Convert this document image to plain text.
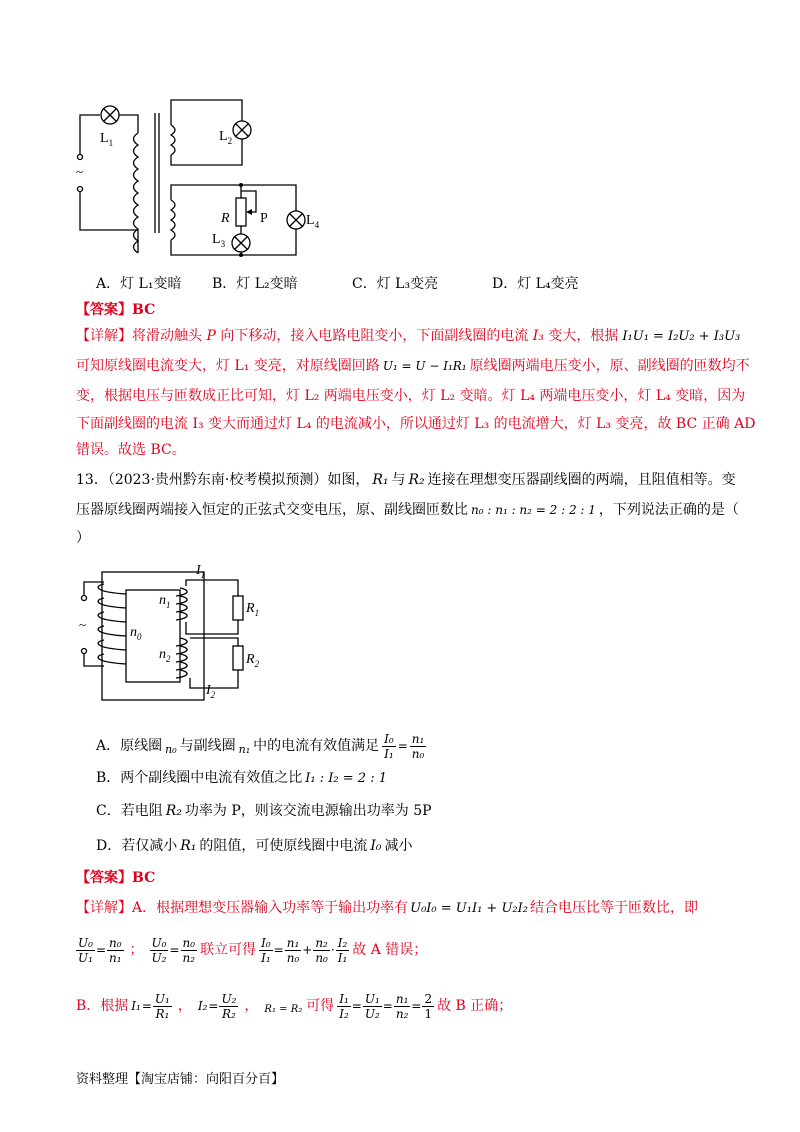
~
$L_1$	$L_2$
R P
$L_3$
$L_4$
A．灯 L₁变暗 B．灯 L₂变暗	C．灯 L₃变亮	D．灯 L₄变亮
【答案】BC
【详解】将滑动触头 P 向下移动，接入电路电阻变小，下面副线圈的电流 I₃ 变大，根据 I₁U₁ = I₂U₂ + I₃U₃
可知原线圈电流变大，灯 L₁ 变亮，对原线圈回路 U₁ = U − I₁R₁ 原线圈两端电压变小，原、副线圈的匝数均不
变，根据电压与匝数成正比可知，灯 L₂ 两端电压变小，灯 L₂ 变暗。灯 L₄ 两端电压变小，灯 L₄ 变暗，因为
下面副线圈的电流 I₃ 变大而通过灯 L₄ 的电流减小，所以通过灯 L₃ 的电流增大，灯 L₃ 变亮，故 BC 正确 AD
错误。故选 BC。
13．（2023·贵州黔东南·校考模拟预测）如图， R₁ 与 R₂ 连接在理想变压器副线圈的两端，且阻值相等。变
压器原线圈两端接入恒定的正弦式交变电压，原、副线圈匝数比 n₀ : n₁ : n₂ = 2 : 2 : 1 ，下列说法正确的是（
）
~
$I_1$
$n_1$
$n_0$
$n_2$
$R_1$
$R_2$
$I_2$
A．原线圈 n₀ 与副线圈 n₁ 中的电流有效值满足 $\frac{\text{I₀}}{\text{I₁}} = \frac{\text{n₁}}{\text{n₀}}$
B．两个副线圈中电流有效值之比 I₁ : I₂ = 2 : 1
C．若电阻 R₂ 功率为 P，则该交流电源输出功率为 5P
D．若仅减小 R₁ 的阻值，可使原线圈中电流 I₀ 减小
【答案】BC
【详解】A．根据理想变压器输入功率等于输出功率有 U₀I₀ = U₁I₁ + U₂I₂ 结合电压比等于匝数比，即
$\frac{\text{U₀}}{\text{U₁}} = \frac{\text{n₀}}{\text{n₁}}$ ； $\frac{\text{U₀}}{\text{U₂}} = \frac{\text{n₀}}{\text{n₂}}$ 联立可得 $\frac{\text{I₀}}{\text{I₁}} = \frac{\text{n₁}}{\text{n₀}} + \frac{\text{n₂}}{\text{n₀}} \cdot \frac{\text{I₂}}{\text{I₁}}$ 故 A 错误；
B．根据 $I_1 = \frac{\text{U₁}}{\text{R₁}}$ ， $I_2 = \frac{\text{U₂}}{\text{R₂}}$ ， R₁ = R₂ 可得 $\frac{\text{I₁}}{\text{I₂}} = \frac{\text{U₁}}{\text{U₂}} = \frac{\text{n₁}}{\text{n₂}} = \frac{2}{1}$ 故 B 正确；
资料整理【淘宝店铺：向阳百分百】
